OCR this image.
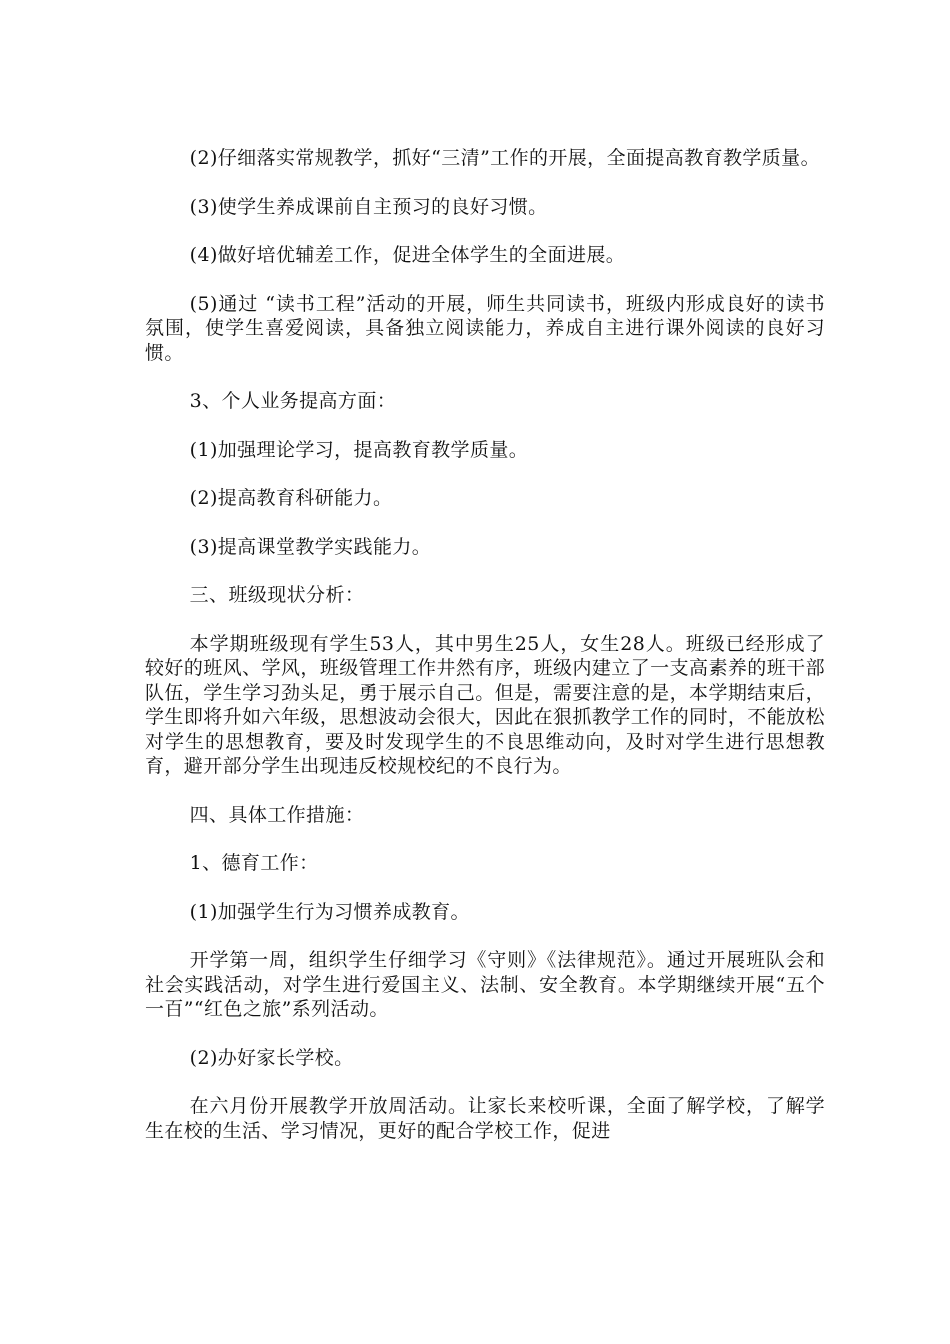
(2)仔细落实常规教学，抓好“三清”工作的开展，全面提高教育教学质量。

(3)使学生养成课前自主预习的良好习惯。

(4)做好培优辅差工作，促进全体学生的全面进展。

(5)通过 “读书工程”活动的开展，师生共同读书，班级内形成良好的读书氛围，使学生喜爱阅读，具备独立阅读能力，养成自主进行课外阅读的良好习惯。

3、个人业务提高方面：

(1)加强理论学习，提高教育教学质量。

(2)提高教育科研能力。

(3)提高课堂教学实践能力。

三、班级现状分析：

本学期班级现有学生53人，其中男生25人，女生28人。班级已经形成了较好的班风、学风，班级管理工作井然有序，班级内建立了一支高素养的班干部队伍，学生学习劲头足，勇于展示自己。但是，需要注意的是，本学期结束后，学生即将升如六年级，思想波动会很大，因此在狠抓教学工作的同时，不能放松对学生的思想教育，要及时发现学生的不良思维动向，及时对学生进行思想教育，避开部分学生出现违反校规校纪的不良行为。

四、具体工作措施：

1、德育工作：

(1)加强学生行为习惯养成教育。

开学第一周，组织学生仔细学习《守则》《法律规范》。通过开展班队会和社会实践活动，对学生进行爱国主义、法制、安全教育。本学期继续开展“五个一百”“红色之旅”系列活动。

(2)办好家长学校。

在六月份开展教学开放周活动。让家长来校听课，全面了解学校，了解学生在校的生活、学习情况，更好的配合学校工作，促进
